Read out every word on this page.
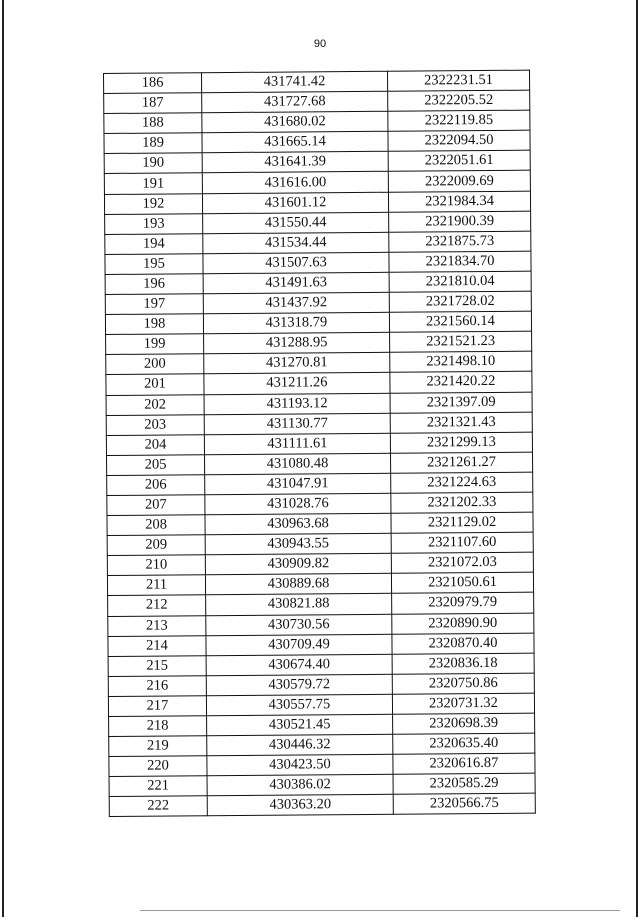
90
186	431741.42	2322231.51
187	431727.68	2322205.52
188	431680.02	2322119.85
189	431665.14	2322094.50
190	431641.39	2322051.61
191	431616.00	2322009.69
192	431601.12	2321984.34
193	431550.44	2321900.39
194	431534.44	2321875.73
195	431507.63	2321834.70
196	431491.63	2321810.04
197	431437.92	2321728.02
198	431318.79	2321560.14
199	431288.95	2321521.23
200	431270.81	2321498.10
201	431211.26	2321420.22
202	431193.12	2321397.09
203	431130.77	2321321.43
204	431111.61	2321299.13
205	431080.48	2321261.27
206	431047.91	2321224.63
207	431028.76	2321202.33
208	430963.68	2321129.02
209	430943.55	2321107.60
210	430909.82	2321072.03
211	430889.68	2321050.61
212	430821.88	2320979.79
213	430730.56	2320890.90
214	430709.49	2320870.40
215	430674.40	2320836.18
216	430579.72	2320750.86
217	430557.75	2320731.32
218	430521.45	2320698.39
219	430446.32	2320635.40
220	430423.50	2320616.87
221	430386.02	2320585.29
222	430363.20	2320566.75
